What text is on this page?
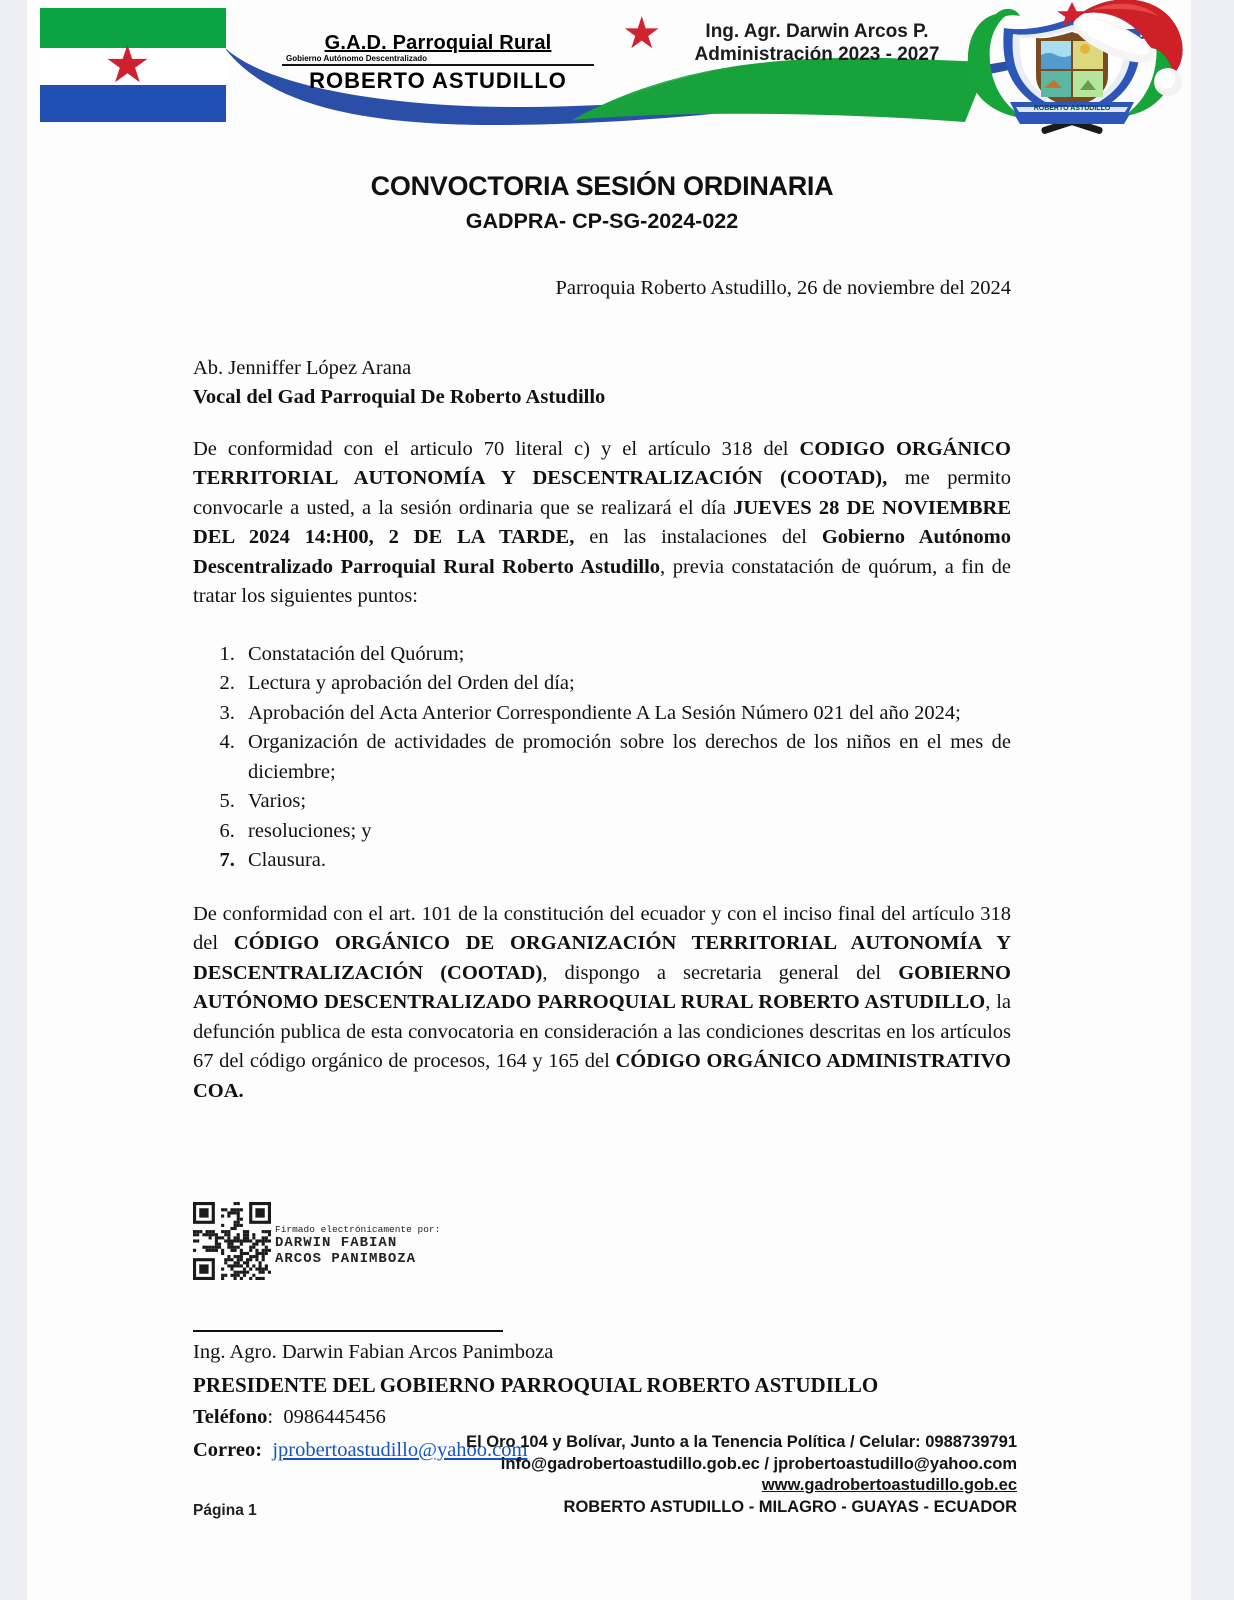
★	G.A.D. Parroquial Rural
Gobierno Autónomo Descentralizado
ROBERTO ASTUDILLO
★	Ing. Agr. Darwin Arcos P.
Administración 2023 - 2027
ROBERTO ASTUDILLO
CONVOCTORIA SESIÓN ORDINARIA
GADPRA- CP-SG-2024-022
Parroquia Roberto Astudillo, 26 de noviembre del 2024
Ab. Jenniffer López Arana
Vocal del Gad Parroquial De Roberto Astudillo

De conformidad con el articulo 70 literal c) y el artículo 318 del CODIGO ORGÁNICO TERRITORIAL AUTONOMÍA Y DESCENTRALIZACIÓN (COOTAD), me permito convocarle a usted, a la sesión ordinaria que se realizará el día JUEVES 28 DE NOVIEMBRE DEL 2024 14:H00, 2 DE LA TARDE, en las instalaciones del Gobierno Autónomo Descentralizado Parroquial Rural Roberto Astudillo, previa constatación de quórum, a fin de tratar los siguientes puntos:

1. Constatación del Quórum;
2. Lectura y aprobación del Orden del día;
3. Aprobación del Acta Anterior Correspondiente A La Sesión Número 021 del año 2024;
4. Organización de actividades de promoción sobre los derechos de los niños en el mes de diciembre;
5. Varios;
6. resoluciones; y
7. Clausura.

De conformidad con el art. 101 de la constitución del ecuador y con el inciso final del artículo 318 del CÓDIGO ORGÁNICO DE ORGANIZACIÓN TERRITORIAL AUTONOMÍA Y DESCENTRALIZACIÓN (COOTAD), dispongo a secretaria general del GOBIERNO AUTÓNOMO DESCENTRALIZADO PARROQUIAL RURAL ROBERTO ASTUDILLO, la defunción publica de esta convocatoria en consideración a las condiciones descritas en los artículos 67 del código orgánico de procesos, 164 y 165 del CÓDIGO ORGÁNICO ADMINISTRATIVO COA.

Firmado electrónicamente por:
DARWIN FABIAN
ARCOS PANIMBOZA
Ing. Agro. Darwin Fabian Arcos Panimboza
PRESIDENTE DEL GOBIERNO PARROQUIAL ROBERTO ASTUDILLO
Teléfono:  0986445456
Correo: jprobertoastudillo@yahoo.com
El Oro 104 y Bolívar, Junto a la Tenencia Política / Celular: 0988739791
info@gadrobertoastudillo.gob.ec / jprobertoastudillo@yahoo.com
www.gadrobertoastudillo.gob.ec
ROBERTO ASTUDILLO - MILAGRO - GUAYAS - ECUADOR
Página 1
